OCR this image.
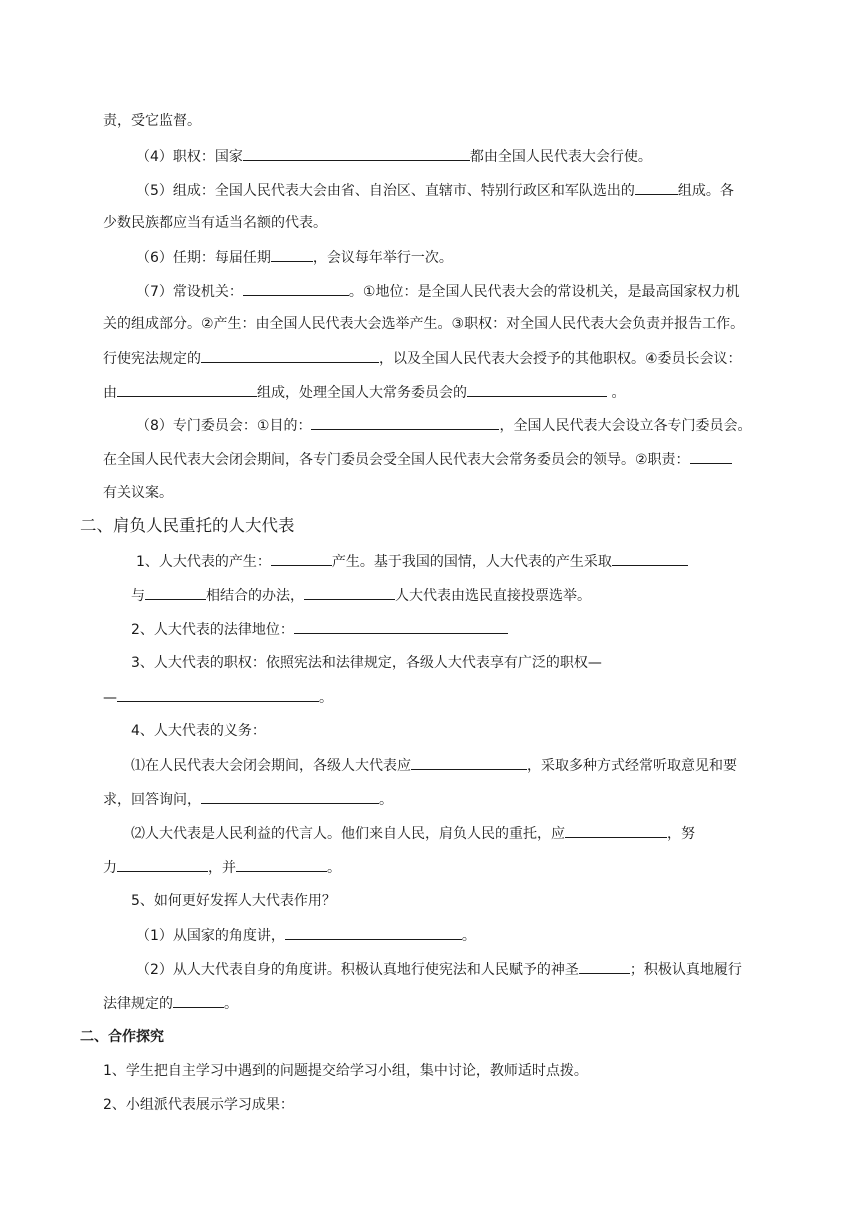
责，受它监督。
（4）职权：国家	都由全国人民代表大会行使。
（5）组成：全国人民代表大会由省、自治区、直辖市、特别行政区和军队选出的	组成。各
少数民族都应当有适当名额的代表。
（6）任期：每届任期	，会议每年举行一次。
（7）常设机关：	。①地位：是全国人民代表大会的常设机关，是最高国家权力机
关的组成部分。②产生：由全国人民代表大会选举产生。③职权：对全国人民代表大会负责并报告工作。
行使宪法规定的	，以及全国人民代表大会授予的其他职权。④委员长会议：
由	组成，处理全国人大常务委员会的	。
（8）专门委员会：①目的：	，全国人民代表大会设立各专门委员会。
在全国人民代表大会闭会期间，各专门委员会受全国人民代表大会常务委员会的领导。②职责：
有关议案。
二、肩负人民重托的人大代表
1、人大代表的产生：	产生。基于我国的国情，人大代表的产生采取
与	相结合的办法，	人大代表由选民直接投票选举。
2、人大代表的法律地位：
3、人大代表的职权：依照宪法和法律规定，各级人大代表享有广泛的职权—
—	。
4、人大代表的义务：
⑴在人民代表大会闭会期间，各级人大代表应	，采取多种方式经常听取意见和要
求，回答询问，	。
⑵人大代表是人民利益的代言人。他们来自人民，肩负人民的重托，应	，努
力	，并	。
5、如何更好发挥人大代表作用？
（1）从国家的角度讲，	。
（2）从人大代表自身的角度讲。积极认真地行使宪法和人民赋予的神圣	；积极认真地履行
法律规定的	。
二、合作探究
1、学生把自主学习中遇到的问题提交给学习小组，集中讨论，教师适时点拨。
2、小组派代表展示学习成果：
